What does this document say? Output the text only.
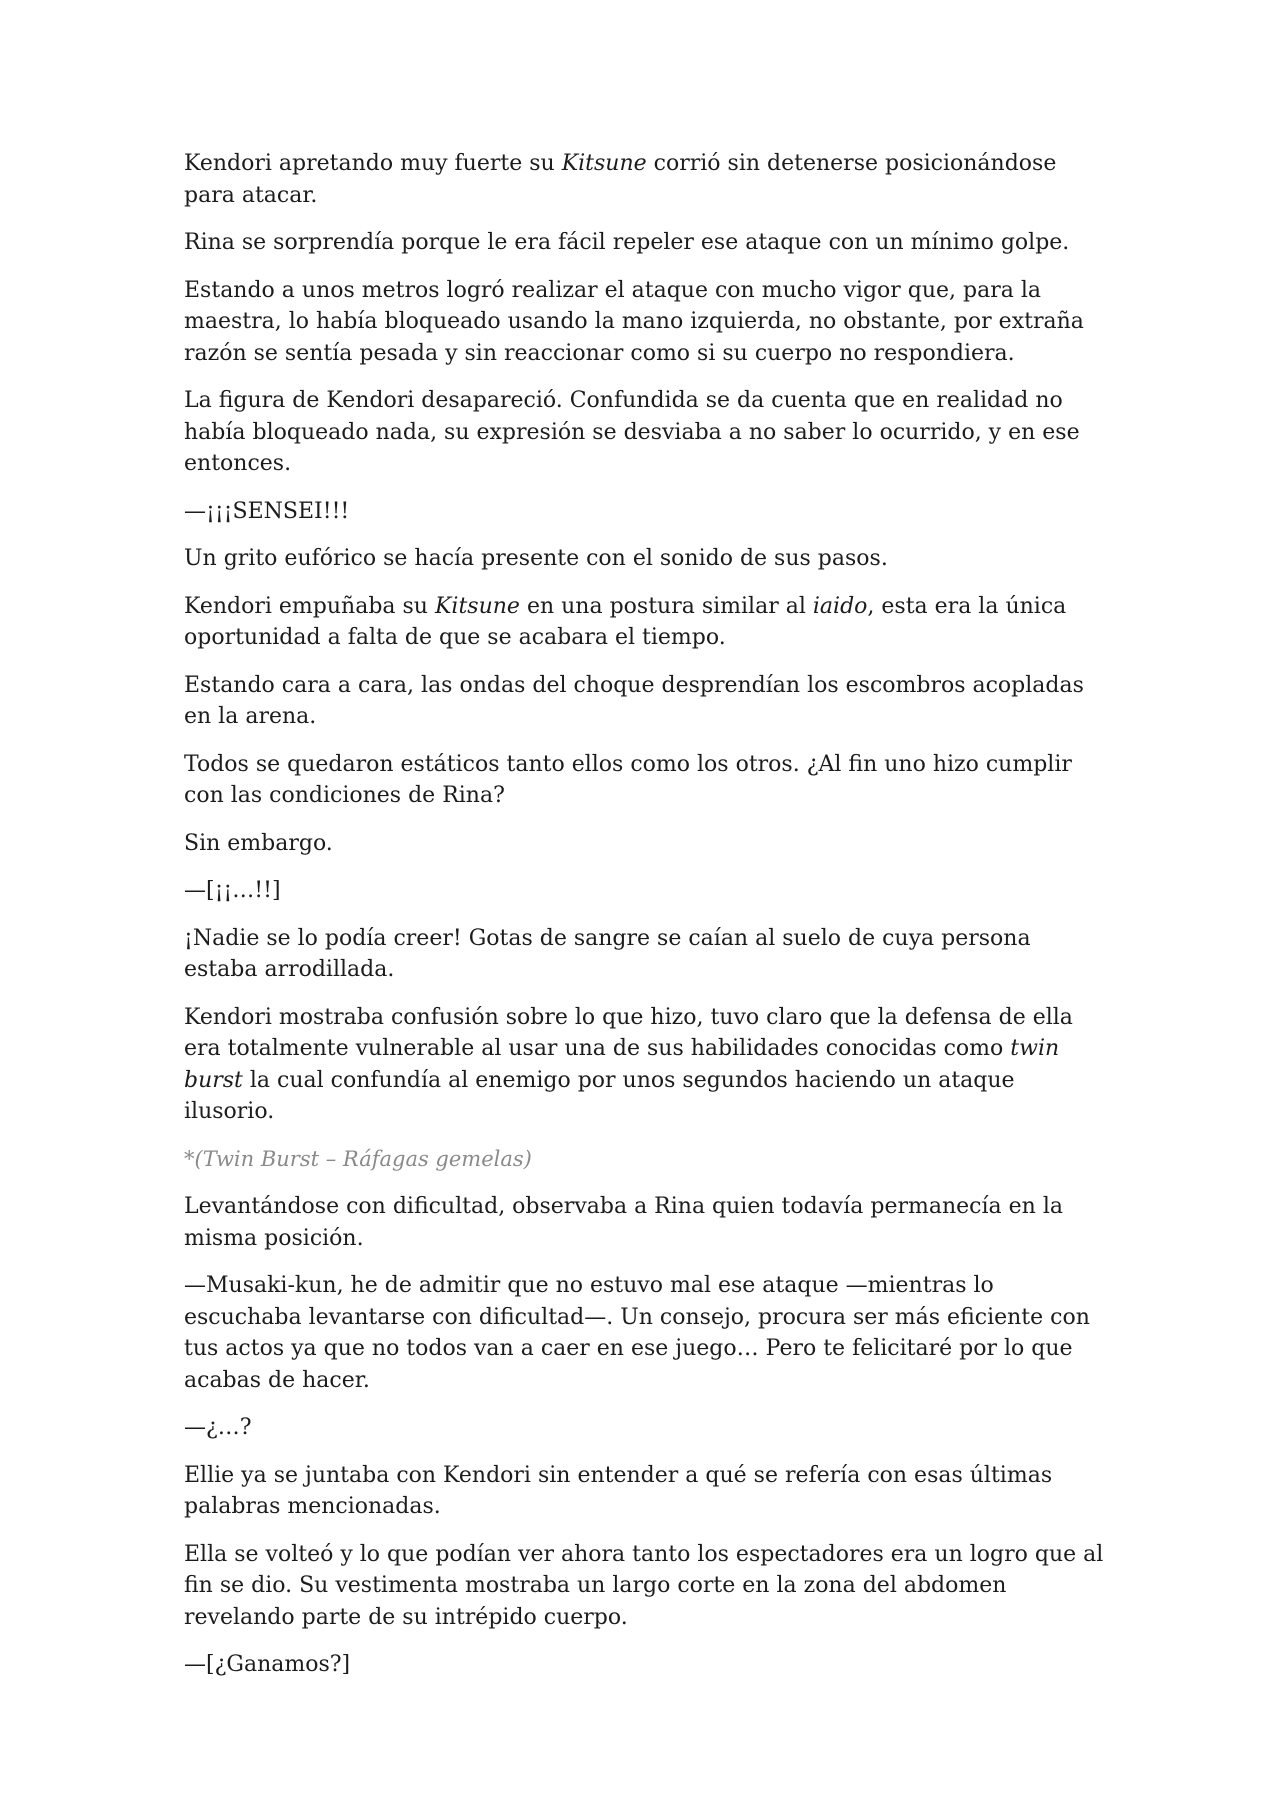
Kendori apretando muy fuerte su Kitsune corrió sin detenerse posicionándose para atacar.

Rina se sorprendía porque le era fácil repeler ese ataque con un mínimo golpe.

Estando a unos metros logró realizar el ataque con mucho vigor que, para la maestra, lo había bloqueado usando la mano izquierda, no obstante, por extraña razón se sentía pesada y sin reaccionar como si su cuerpo no respondiera.

La figura de Kendori desapareció. Confundida se da cuenta que en realidad no había bloqueado nada, su expresión se desviaba a no saber lo ocurrido, y en ese entonces.

—¡¡¡SENSEI!!!

Un grito eufórico se hacía presente con el sonido de sus pasos.

Kendori empuñaba su Kitsune en una postura similar al iaido, esta era la única oportunidad a falta de que se acabara el tiempo.

Estando cara a cara, las ondas del choque desprendían los escombros acopladas en la arena.

Todos se quedaron estáticos tanto ellos como los otros. ¿Al fin uno hizo cumplir con las condiciones de Rina?

Sin embargo.

—[¡¡…!!]

¡Nadie se lo podía creer! Gotas de sangre se caían al suelo de cuya persona estaba arrodillada.

Kendori mostraba confusión sobre lo que hizo, tuvo claro que la defensa de ella era totalmente vulnerable al usar una de sus habilidades conocidas como twin burst la cual confundía al enemigo por unos segundos haciendo un ataque ilusorio.

*(Twin Burst – Ráfagas gemelas)

Levantándose con dificultad, observaba a Rina quien todavía permanecía en la misma posición.

—Musaki-kun, he de admitir que no estuvo mal ese ataque —mientras lo escuchaba levantarse con dificultad—. Un consejo, procura ser más eficiente con tus actos ya que no todos van a caer en ese juego… Pero te felicitaré por lo que acabas de hacer.

—¿…?

Ellie ya se juntaba con Kendori sin entender a qué se refería con esas últimas palabras mencionadas.

Ella se volteó y lo que podían ver ahora tanto los espectadores era un logro que al fin se dio. Su vestimenta mostraba un largo corte en la zona del abdomen revelando parte de su intrépido cuerpo.

—[¿Ganamos?]
